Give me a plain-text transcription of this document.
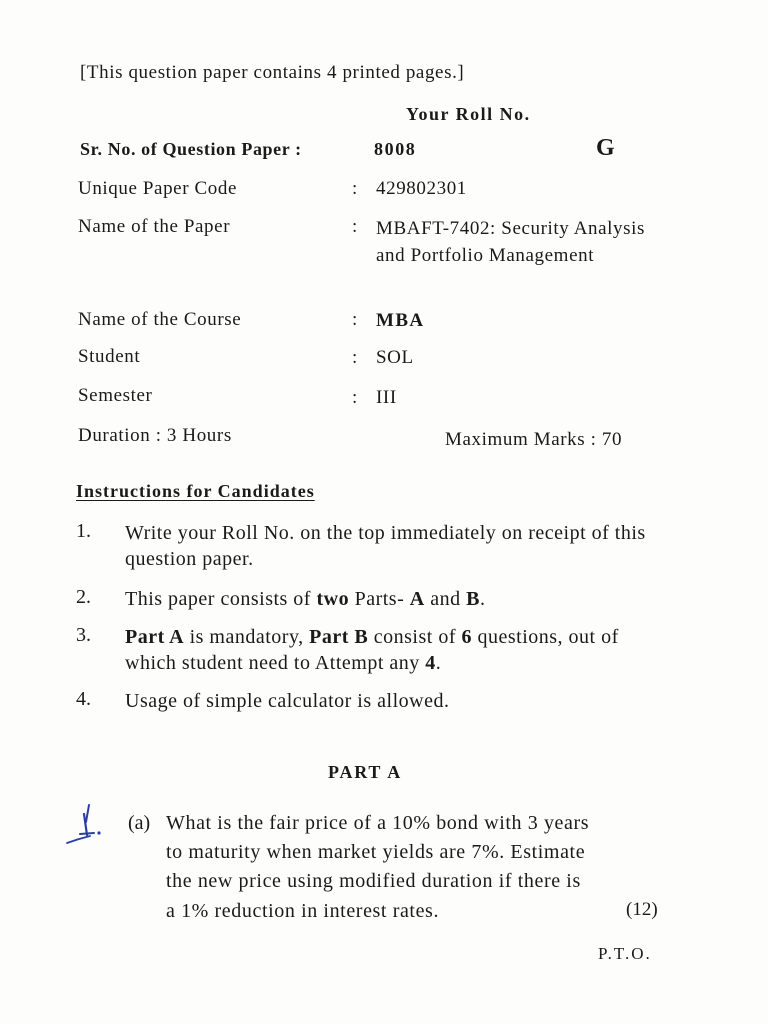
[This question paper contains 4 printed pages.]
Your Roll No.
Sr. No. of Question Paper :	8008	G
Unique Paper Code	: 429802301
Name of the Paper	: MBAFT-7402: Security Analysis and Portfolio Management
Name of the Course	: MBA
Student	: SOL
Semester	: III
Duration : 3 Hours	Maximum Marks : 70
Instructions for Candidates
1. Write your Roll No. on the top immediately on receipt of this question paper.
2. This paper consists of two Parts- A and B.
3. Part A is mandatory, Part B consist of 6 questions, out of which student need to Attempt any 4.
4. Usage of simple calculator is allowed.
PART A
(a) What is the fair price of a 10% bond with 3 years
to maturity when market yields are 7%. Estimate
the new price using modified duration if there is
a 1% reduction in interest rates.	(12)
P.T.O.
